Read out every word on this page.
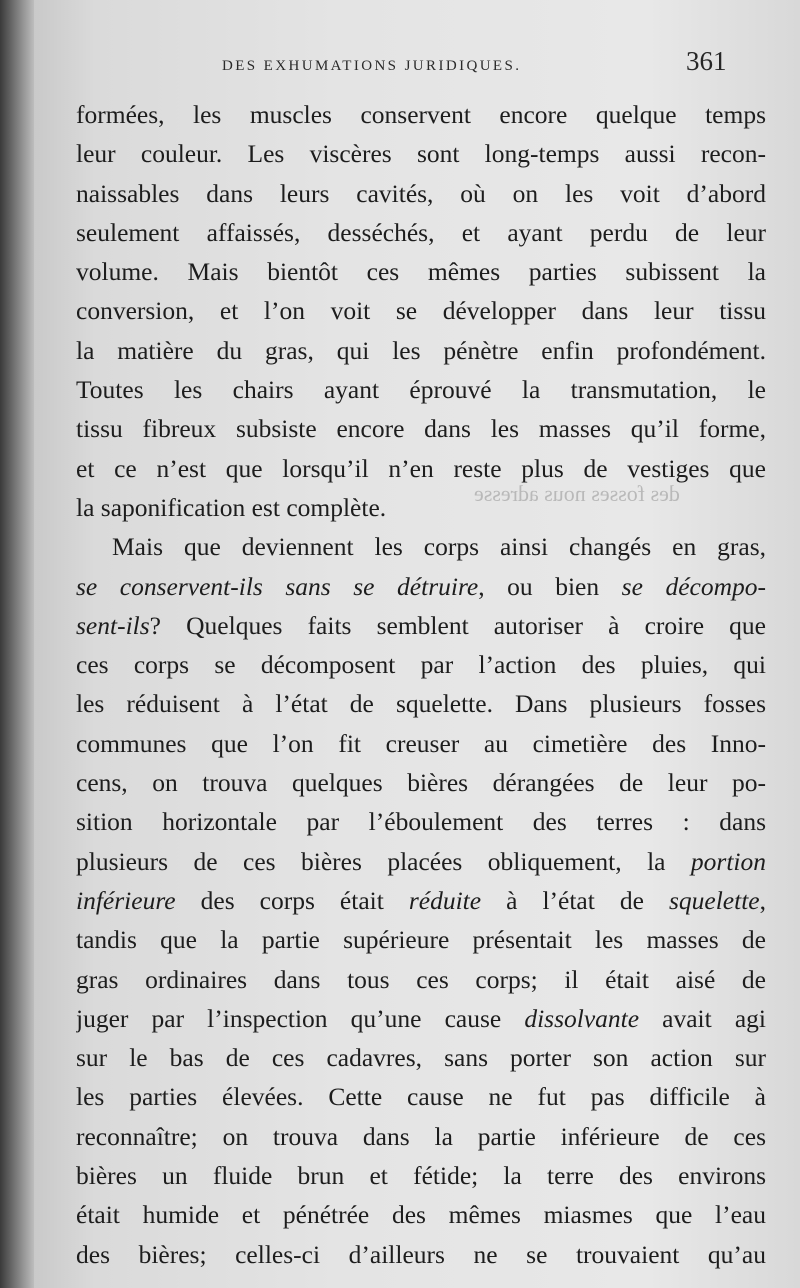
DES EXHUMATIONS JURIDIQUES.	361
des fosses nous adresse
formées, les muscles conservent encore quelque temps
leur couleur. Les viscères sont long-temps aussi recon-
naissables dans leurs cavités, où on les voit d’abord
seulement affaissés, desséchés, et ayant perdu de leur
volume. Mais bientôt ces mêmes parties subissent la
conversion, et l’on voit se développer dans leur tissu
la matière du gras, qui les pénètre enfin profondément.
Toutes les chairs ayant éprouvé la transmutation, le
tissu fibreux subsiste encore dans les masses qu’il forme,
et ce n’est que lorsqu’il n’en reste plus de vestiges que
la saponification est complète.
Mais que deviennent les corps ainsi changés en gras,
se conservent-ils sans se détruire, ou bien se décompo-
sent-ils? Quelques faits semblent autoriser à croire que
ces corps se décomposent par l’action des pluies, qui
les réduisent à l’état de squelette. Dans plusieurs fosses
communes que l’on fit creuser au cimetière des Inno-
cens, on trouva quelques bières dérangées de leur po-
sition horizontale par l’éboulement des terres : dans
plusieurs de ces bières placées obliquement, la portion
inférieure des corps était réduite à l’état de squelette,
tandis que la partie supérieure présentait les masses de
gras ordinaires dans tous ces corps; il était aisé de
juger par l’inspection qu’une cause dissolvante avait agi
sur le bas de ces cadavres, sans porter son action sur
les parties élevées. Cette cause ne fut pas difficile à
reconnaître; on trouva dans la partie inférieure de ces
bières un fluide brun et fétide; la terre des environs
était humide et pénétrée des mêmes miasmes que l’eau
des bières; celles-ci d’ailleurs ne se trouvaient qu’au
